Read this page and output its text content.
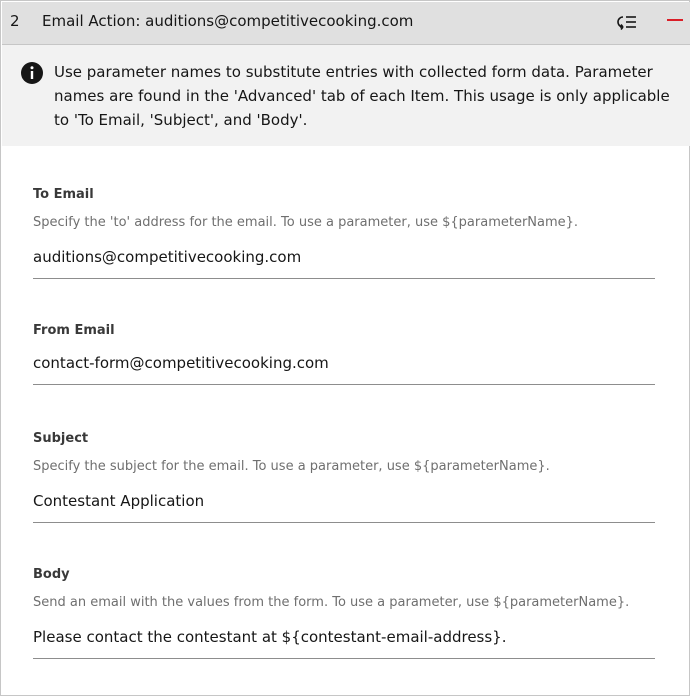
2 Email Action: auditions@competitivecooking.com
Use parameter names to substitute entries with collected form data. Parameter names are found in the 'Advanced' tab of each Item. This usage is only applicable to 'To Email, 'Subject', and 'Body'.
To Email
Specify the 'to' address for the email. To use a parameter, use ${parameterName}.
auditions@competitivecooking.com
From Email
contact-form@competitivecooking.com
Subject
Specify the subject for the email. To use a parameter, use ${parameterName}.
Contestant Application
Body
Send an email with the values from the form. To use a parameter, use ${parameterName}.
Please contact the contestant at ${contestant-email-address}.
